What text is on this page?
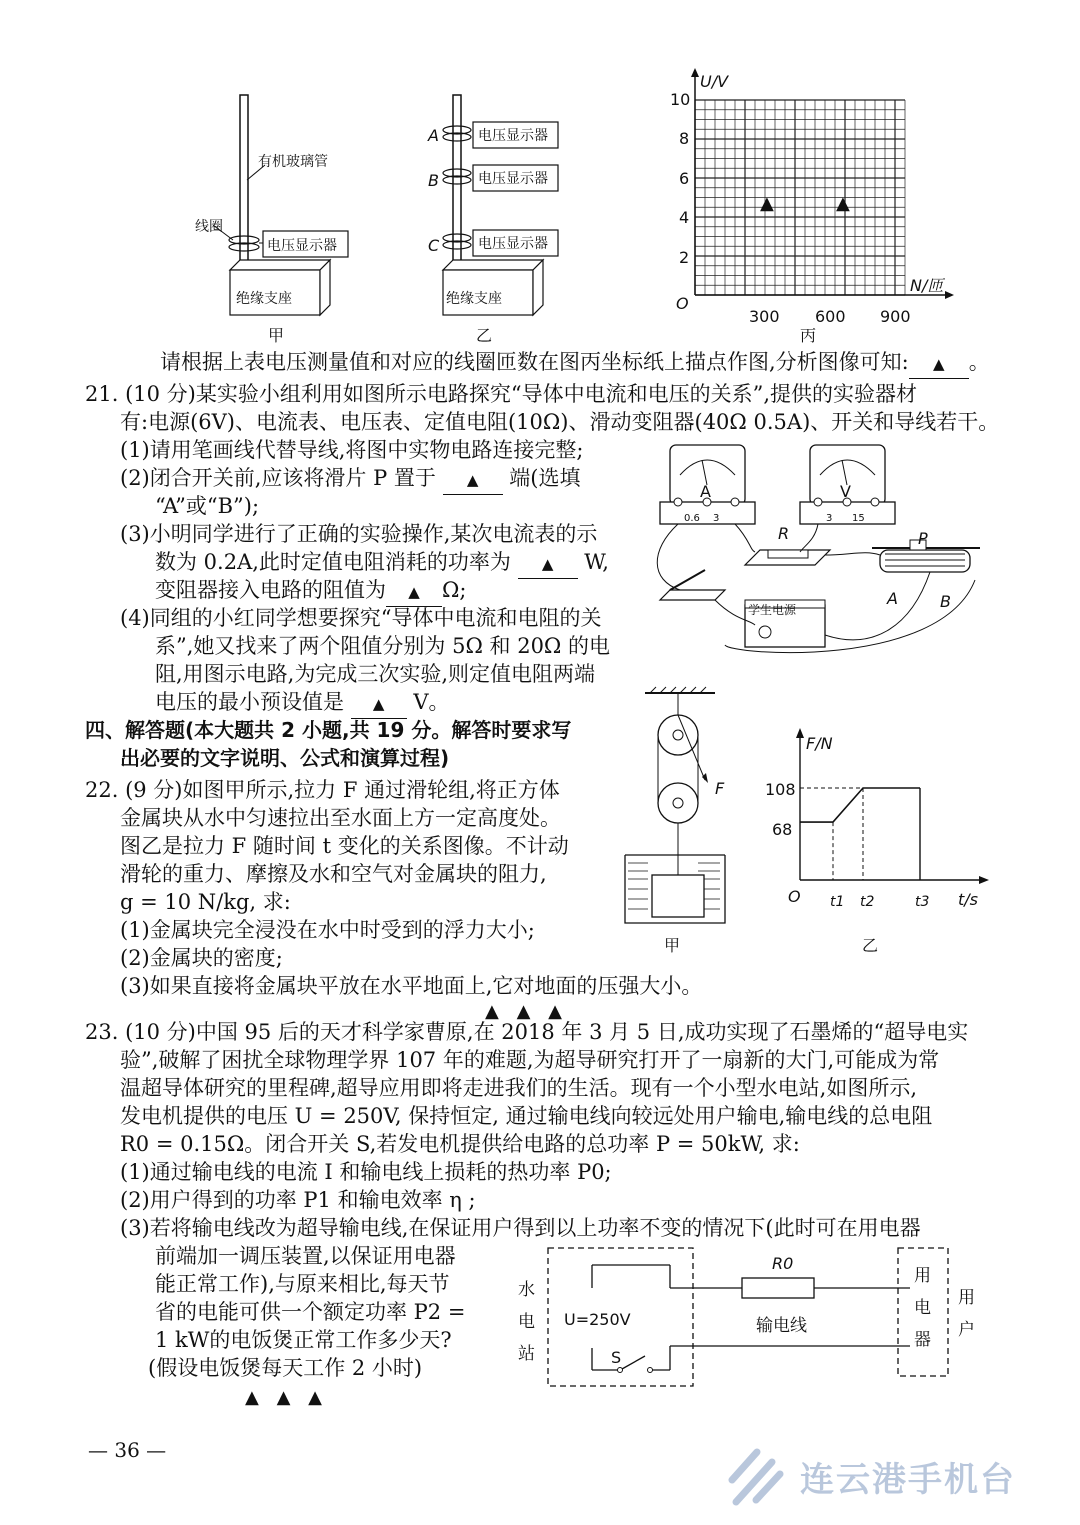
有机玻璃管
线圈
电压显示器
绝缘支座
甲
A
B
C
电压显示器
电压显示器
电压显示器
绝缘支座
乙
U/V
N/匝
O
10
8
6
4
2
300 600 900
丙
▲	▲
请根据上表电压测量值和对应的线圈匝数在图丙坐标纸上描点作图,分析图像可知: ▲ 。
21. (10 分)某实验小组利用如图所示电路探究“导体中电流和电压的关系”,提供的实验器材
有:电源(6V)、电流表、电压表、定值电阻(10Ω)、滑动变阻器(40Ω 0.5A)、开关和导线若干。
(1)请用笔画线代替导线,将图中实物电路连接完整;
(2)闭合开关前,应该将滑片 P 置于 ▲ 端(选填
“A”或“B”);
(3)小明同学进行了正确的实验操作,某次电流表的示
数为 0.2A,此时定值电阻消耗的功率为 ▲ W,
变阻器接入电路的阻值为 ▲ Ω;
(4)同组的小红同学想要探究“导体中电流和电阻的关
系”,她又找来了两个阻值分别为 5Ω 和 20Ω 的电
阻,用图示电路,为完成三次实验,则定值电阻两端
电压的最小预设值是 ▲ V。
A	V
0.6 3	3 15
R	P
A	B
学生电源
四、解答题(本大题共 2 小题,共 19 分。解答时要求写
出必要的文字说明、公式和演算过程)
22. (9 分)如图甲所示,拉力 F 通过滑轮组,将正方体
金属块从水中匀速拉出至水面上方一定高度处。
图乙是拉力 F 随时间 t 变化的关系图像。不计动
滑轮的重力、摩擦及水和空气对金属块的阻力,
g = 10 N/kg, 求:
(1)金属块完全浸没在水中时受到的浮力大小;
(2)金属块的密度;
(3)如果直接将金属块平放在水平地面上,它对地面的压强大小。
▲ ▲ ▲
F
甲
F/N
t/s
O
108
68
t1 t2	t3
乙
23. (10 分)中国 95 后的天才科学家曹原,在 2018 年 3 月 5 日,成功实现了石墨烯的“超导电实
验”,破解了困扰全球物理学界 107 年的难题,为超导研究打开了一扇新的大门,可能成为常
温超导体研究的里程碑,超导应用即将走进我们的生活。现有一个小型水电站,如图所示,
发电机提供的电压 U = 250V, 保持恒定, 通过输电线向较远处用户输电,输电线的总电阻
R0 = 0.15Ω。闭合开关 S,若发电机提供给电路的总功率 P = 50kW, 求:
(1)通过输电线的电流 I 和输电线上损耗的热功率 P0;
(2)用户得到的功率 P1 和输电效率 η ;
(3)若将输电线改为超导输电线,在保证用户得到以上功率不变的情况下(此时可在用电器
前端加一调压装置,以保证用电器
能正常工作),与原来相比,每天节
省的电能可供一个额定功率 P2 =
1 kW的电饭煲正常工作多少天?
(假设电饭煲每天工作 2 小时)
▲ ▲ ▲
水
电
站
U=250V
S
R0
输电线
用
电
器
用
户
— 36 —
连云港手机台
